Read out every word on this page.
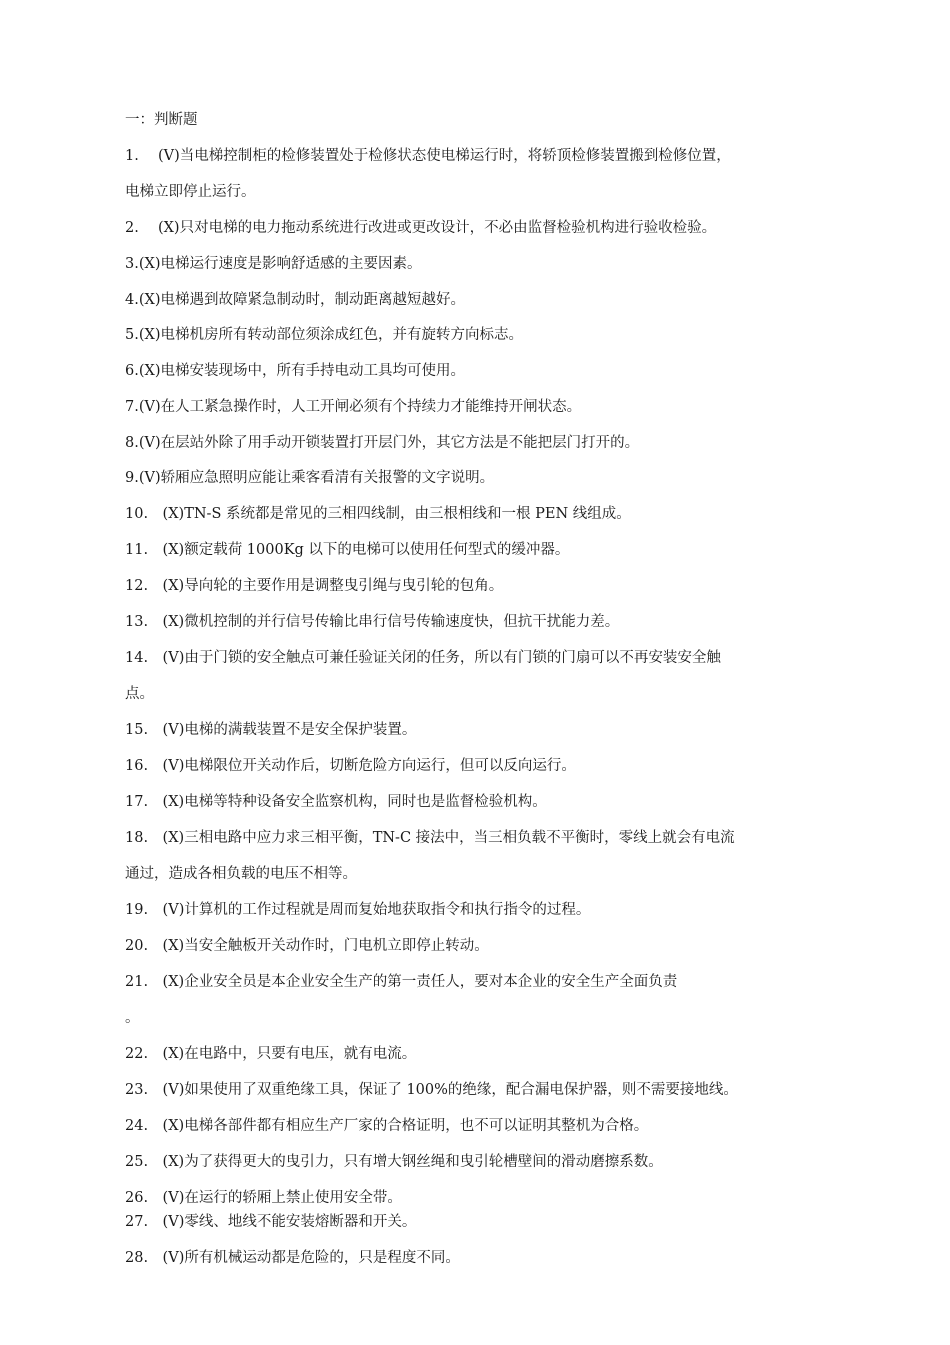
一：判断题
1.　 (V)当电梯控制柜的检修装置处于检修状态使电梯运行时，将轿顶检修装置搬到检修位置，
电梯立即停止运行。
2.　 (X)只对电梯的电力拖动系统进行改进或更改设计，不必由监督检验机构进行验收检验。
3.(X)电梯运行速度是影响舒适感的主要因素。
4.(X)电梯遇到故障紧急制动时，制动距离越短越好。
5.(X)电梯机房所有转动部位须涂成红色，并有旋转方向标志。
6.(X)电梯安装现场中，所有手持电动工具均可使用。
7.(V)在人工紧急操作时，人工开闸必须有个持续力才能维持开闸状态。
8.(V)在层站外除了用手动开锁装置打开层门外，其它方法是不能把层门打开的。
9.(V)轿厢应急照明应能让乘客看清有关报警的文字说明。
10.　(X)TN-S 系统都是常见的三相四线制，由三根相线和一根 PEN 线组成。
11.　(X)额定载荷 1000Kg 以下的电梯可以使用任何型式的缓冲器。
12.　(X)导向轮的主要作用是调整曳引绳与曳引轮的包角。
13.　(X)微机控制的并行信号传输比串行信号传输速度快，但抗干扰能力差。
14.　(V)由于门锁的安全触点可兼任验证关闭的任务，所以有门锁的门扇可以不再安装安全触
点。
15.　(V)电梯的满载装置不是安全保护装置。
16.　(V)电梯限位开关动作后，切断危险方向运行，但可以反向运行。
17.　(X)电梯等特种设备安全监察机构，同时也是监督检验机构。
18.　(X)三相电路中应力求三相平衡，TN-C 接法中，当三相负载不平衡时，零线上就会有电流
通过，造成各相负载的电压不相等。
19.　(V)计算机的工作过程就是周而复始地获取指令和执行指令的过程。
20.　(X)当安全触板开关动作时，门电机立即停止转动。
21.　(X)企业安全员是本企业安全生产的第一责任人，要对本企业的安全生产全面负责
。
22.　(X)在电路中，只要有电压，就有电流。
23.　(V)如果使用了双重绝缘工具，保证了 100%的绝缘，配合漏电保护器，则不需要接地线。
24.　(X)电梯各部件都有相应生产厂家的合格证明，也不可以证明其整机为合格。
25.　(X)为了获得更大的曳引力，只有增大钢丝绳和曳引轮槽壁间的滑动磨擦系数。
26.　(V)在运行的轿厢上禁止使用安全带。
27.　(V)零线、地线不能安装熔断器和开关。
28.　(V)所有机械运动都是危险的，只是程度不同。
